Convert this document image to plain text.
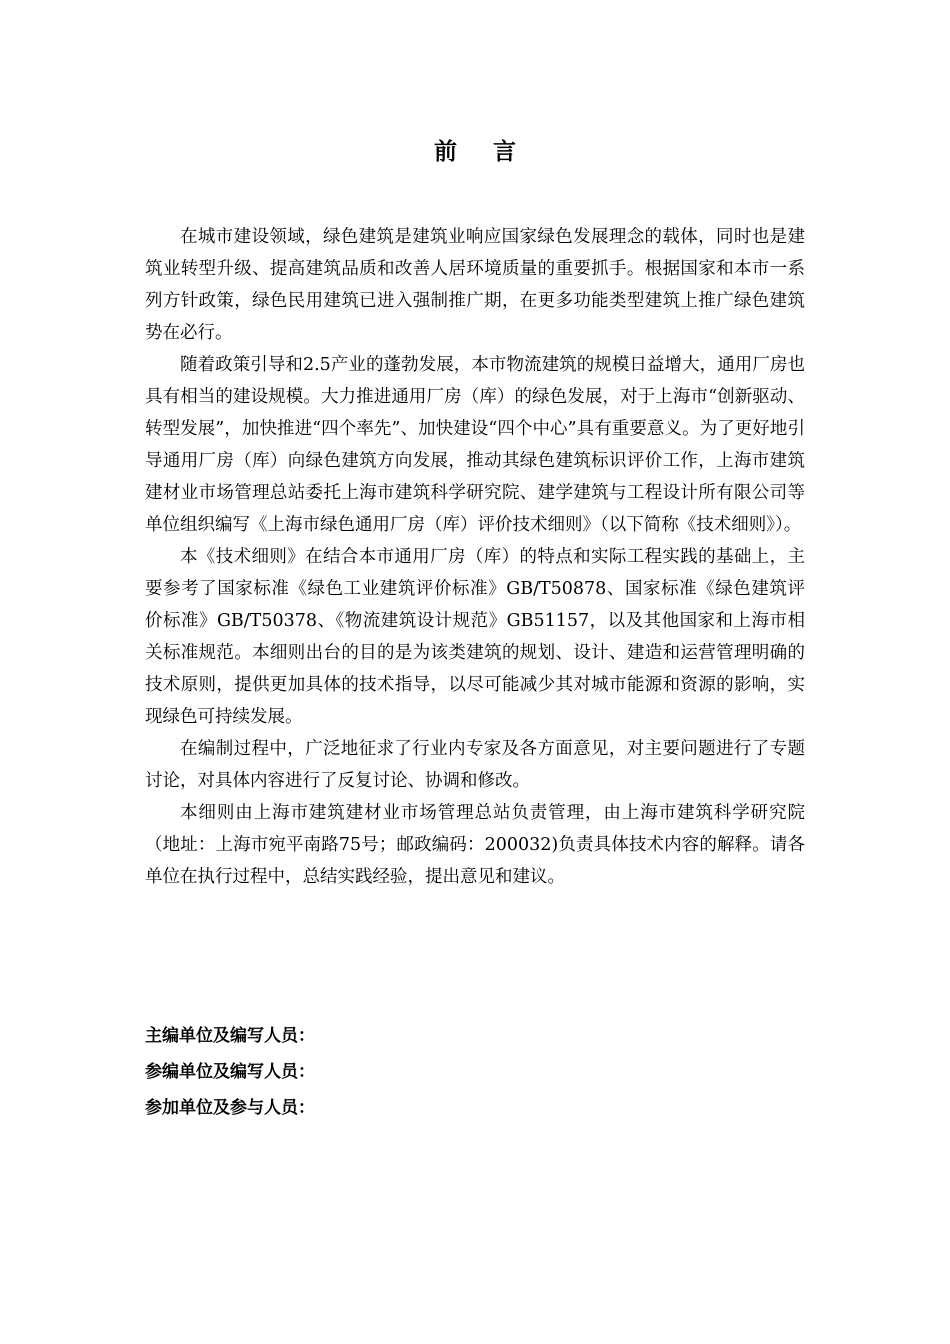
前 言

在城市建设领域，绿色建筑是建筑业响应国家绿色发展理念的载体，同时也是建筑业转型升级、提高建筑品质和改善人居环境质量的重要抓手。根据国家和本市一系列方针政策，绿色民用建筑已进入强制推广期，在更多功能类型建筑上推广绿色建筑势在必行。

随着政策引导和2.5产业的蓬勃发展，本市物流建筑的规模日益增大，通用厂房也具有相当的建设规模。大力推进通用厂房（库）的绿色发展，对于上海市“创新驱动、转型发展”，加快推进“四个率先”、加快建设“四个中心”具有重要意义。为了更好地引导通用厂房（库）向绿色建筑方向发展，推动其绿色建筑标识评价工作，上海市建筑建材业市场管理总站委托上海市建筑科学研究院、建学建筑与工程设计所有限公司等单位组织编写《上海市绿色通用厂房（库）评价技术细则》（以下简称《技术细则》）。

本《技术细则》在结合本市通用厂房（库）的特点和实际工程实践的基础上，主要参考了国家标准《绿色工业建筑评价标准》GB/T50878、国家标准《绿色建筑评价标准》GB/T50378、《物流建筑设计规范》GB51157，以及其他国家和上海市相关标准规范。本细则出台的目的是为该类建筑的规划、设计、建造和运营管理明确的技术原则，提供更加具体的技术指导，以尽可能减少其对城市能源和资源的影响，实现绿色可持续发展。

在编制过程中，广泛地征求了行业内专家及各方面意见，对主要问题进行了专题讨论，对具体内容进行了反复讨论、协调和修改。

本细则由上海市建筑建材业市场管理总站负责管理，由上海市建筑科学研究院（地址：上海市宛平南路75号；邮政编码：200032)负责具体技术内容的解释。请各单位在执行过程中，总结实践经验，提出意见和建议。

主编单位及编写人员：

参编单位及编写人员：

参加单位及参与人员：
